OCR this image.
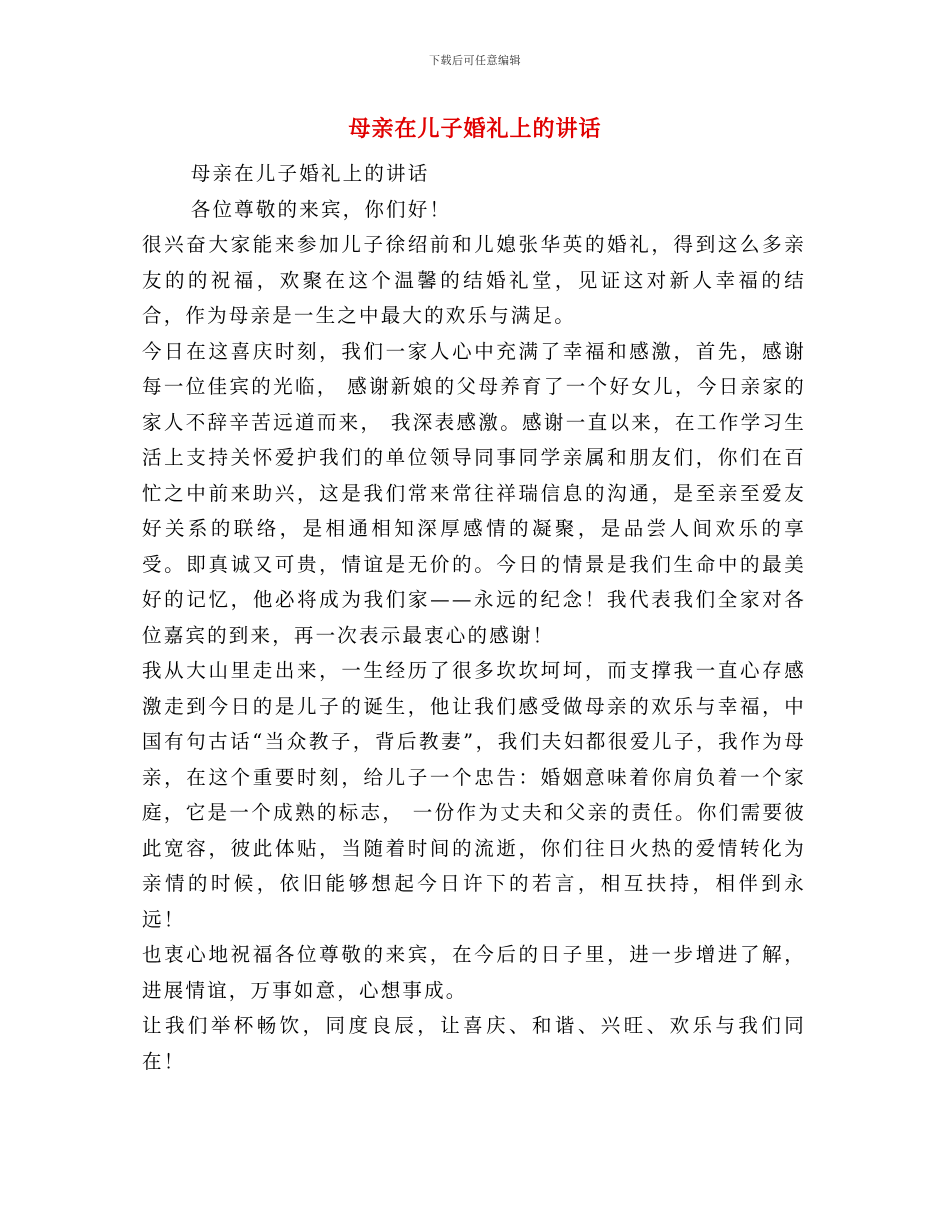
下载后可任意编辑
母亲在儿子婚礼上的讲话

母亲在儿子婚礼上的讲话

各位尊敬的来宾，你们好！

很兴奋大家能来参加儿子徐绍前和儿媳张华英的婚礼，得到这么多亲友的的祝福，欢聚在这个温馨的结婚礼堂，见证这对新人幸福的结合，作为母亲是一生之中最大的欢乐与满足。

今日在这喜庆时刻，我们一家人心中充满了幸福和感激，首先，感谢每一位佳宾的光临， 感谢新娘的父母养育了一个好女儿，今日亲家的家人不辞辛苦远道而来， 我深表感激。感谢一直以来，在工作学习生活上支持关怀爱护我们的单位领导同事同学亲属和朋友们，你们在百忙之中前来助兴，这是我们常来常往祥瑞信息的沟通，是至亲至爱友好关系的联络，是相通相知深厚感情的凝聚，是品尝人间欢乐的享受。即真诚又可贵，情谊是无价的。今日的情景是我们生命中的最美好的记忆，他必将成为我们家——永远的纪念！我代表我们全家对各位嘉宾的到来，再一次表示最衷心的感谢！

我从大山里走出来，一生经历了很多坎坎坷坷，而支撑我一直心存感激走到今日的是儿子的诞生，他让我们感受做母亲的欢乐与幸福，中国有句古话“当众教子，背后教妻”，我们夫妇都很爱儿子，我作为母亲，在这个重要时刻，给儿子一个忠告：婚姻意味着你肩负着一个家庭，它是一个成熟的标志， 一份作为丈夫和父亲的责任。你们需要彼此宽容，彼此体贴，当随着时间的流逝，你们往日火热的爱情转化为亲情的时候，依旧能够想起今日许下的若言，相互扶持，相伴到永远！

也衷心地祝福各位尊敬的来宾，在今后的日子里，进一步增进了解，进展情谊，万事如意，心想事成。

让我们举杯畅饮，同度良辰，让喜庆、和谐、兴旺、欢乐与我们同在！
